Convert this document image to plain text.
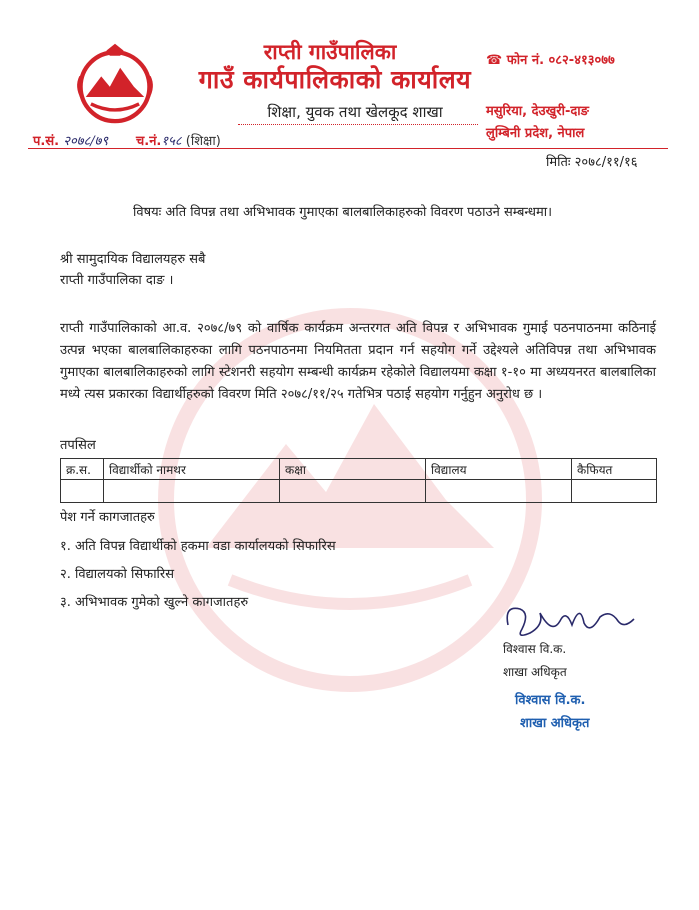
राप्ती गाउँपालिका
गाउँ कार्यपालिकाको कार्यालय
शिक्षा, युवक तथा खेलकूद शाखा
☎ फोन नं. ०८२-४१३०७७
मसुरिया, देउखुरी-दाङ
लुम्बिनी प्रदेश, नेपाल
प.सं. २०७८/७९ च.नं.१५८ (शिक्षा)
मितिः २०७८/११/१६
विषयः अति विपन्न तथा अभिभावक गुमाएका बालबालिकाहरुको विवरण पठाउने सम्बन्धमा।
श्री सामुदायिक विद्यालयहरु सबै
राप्ती गाउँपालिका दाङ ।
राप्ती गाउँपालिकाको आ.व. २०७८/७९ को वार्षिक कार्यक्रम अन्तरगत अति विपन्न र अभिभावक गुमाई पठनपाठनमा कठिनाई उत्पन्न भएका बालबालिकाहरुका लागि पठनपाठनमा नियमितता प्रदान गर्न सहयोग गर्ने उद्देश्यले अतिविपन्न तथा अभिभावक गुमाएका बालबालिकाहरुको लागि स्टेशनरी सहयोग सम्बन्धी कार्यक्रम रहेकोले विद्यालयमा कक्षा १-१० मा अध्ययनरत बालबालिका मध्ये त्यस प्रकारका विद्यार्थीहरुको विवरण मिति २०७८/११/२५ गतेभित्र पठाई सहयोग गर्नुहुन अनुरोध छ ।
तपसिल
क्र.स.	विद्यार्थीको नामथर	कक्षा	विद्यालय	कैफियत

पेश गर्ने कागजातहरु
१. अति विपन्न विद्यार्थीको हकमा वडा कार्यालयको सिफारिस
२. विद्यालयको सिफारिस
३. अभिभावक गुमेको खुल्ने कागजातहरु
विश्वास वि.क.
शाखा अधिकृत
विश्वास वि.क.
शाखा अधिकृत
